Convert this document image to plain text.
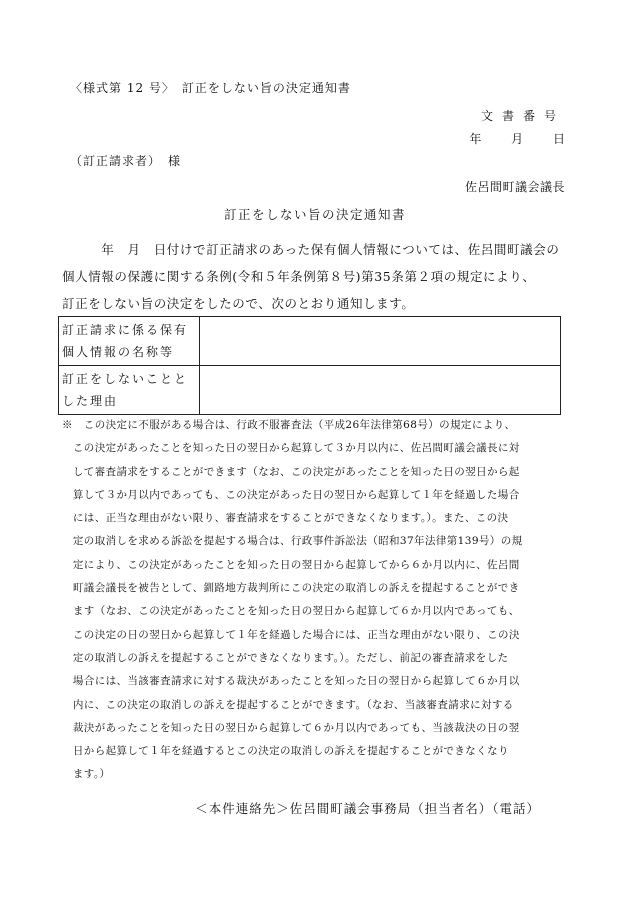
〈様式第 12 号〉　訂正をしない旨の決定通知書
文書番号
年 月 日
（訂正請求者）　様
佐呂間町議会議長
訂正をしない旨の決定通知書
　　　年　月　日付けで訂正請求のあった保有個人情報については、佐呂間町議会の
個人情報の保護に関する条例(令和５年条例第８号)第35条第２項の規定により、
訂正をしない旨の決定をしたので、次のとおり通知します。
訂正請求に係る保有
個人情報の名称等	
訂正をしないことと
した理由	
※　この決定に不服がある場合は、行政不服審査法（平成26年法律第68号）の規定により、
　この決定があったことを知った日の翌日から起算して３か月以内に、佐呂間町議会議長に対
　して審査請求をすることができます（なお、この決定があったことを知った日の翌日から起
　算して３か月以内であっても、この決定があった日の翌日から起算して１年を経過した場合
　には、正当な理由がない限り、審査請求をすることができなくなります。）。また、この決
　定の取消しを求める訴訟を提起する場合は、行政事件訴訟法（昭和37年法律第139号）の規
　定により、この決定があったことを知った日の翌日から起算してから６か月以内に、佐呂間
　町議会議長を被告として、釧路地方裁判所にこの決定の取消しの訴えを提起することができ
　ます（なお、この決定があったことを知った日の翌日から起算して６か月以内であっても、
　この決定の日の翌日から起算して１年を経過した場合には、正当な理由がない限り、この決
　定の取消しの訴えを提起することができなくなります。）。ただし、前記の審査請求をした
　場合には、当該審査請求に対する裁決があったことを知った日の翌日から起算して６か月以
　内に、この決定の取消しの訴えを提起することができます。（なお、当該審査請求に対する
　裁決があったことを知った日の翌日から起算して６か月以内であっても、当該裁決の日の翌
　日から起算して１年を経過するとこの決定の取消しの訴えを提起することができなくなり
　ます。）
＜本件連絡先＞佐呂間町議会事務局（担当者名）（電話）
